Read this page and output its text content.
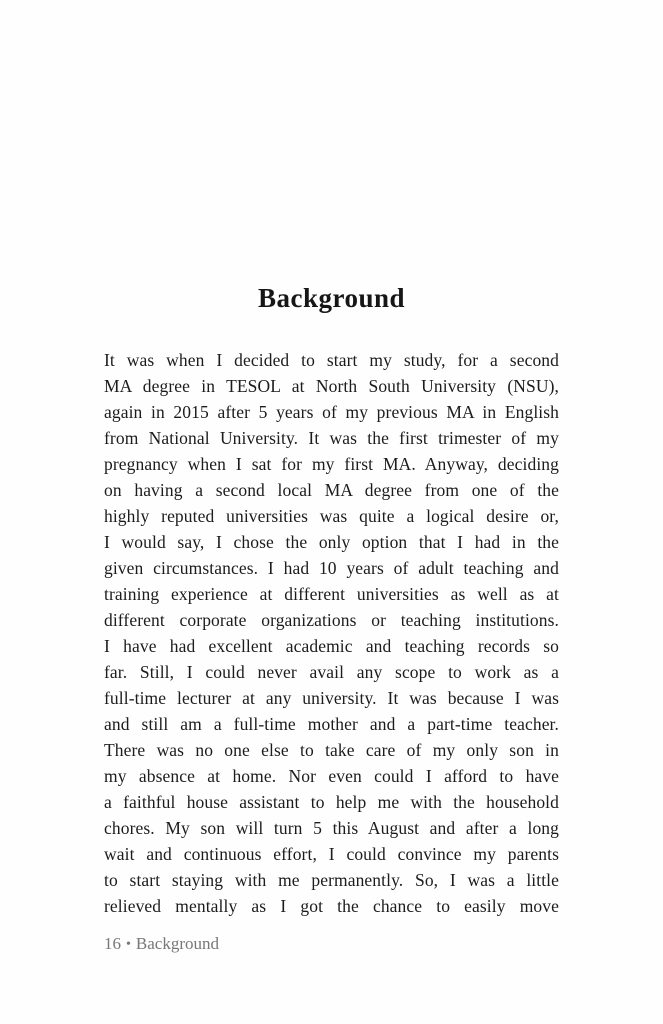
Background
It was when I decided to start my study, for a second
MA degree in TESOL at North South University (NSU),
again in 2015 after 5 years of my previous MA in English
from National University. It was the first trimester of my
pregnancy when I sat for my first MA. Anyway, deciding
on having a second local MA degree from one of the
highly reputed universities was quite a logical desire or,
I would say, I chose the only option that I had in the
given circumstances. I had 10 years of adult teaching and
training experience at different universities as well as at
different corporate organizations or teaching institutions.
I have had excellent academic and teaching records so
far. Still, I could never avail any scope to work as a
full-time lecturer at any university. It was because I was
and still am a full-time mother and a part-time teacher.
There was no one else to take care of my only son in
my absence at home. Nor even could I afford to have
a faithful house assistant to help me with the household
chores. My son will turn 5 this August and after a long
wait and continuous effort, I could convince my parents
to start staying with me permanently. So, I was a little
relieved mentally as I got the chance to easily move
16 • Background
